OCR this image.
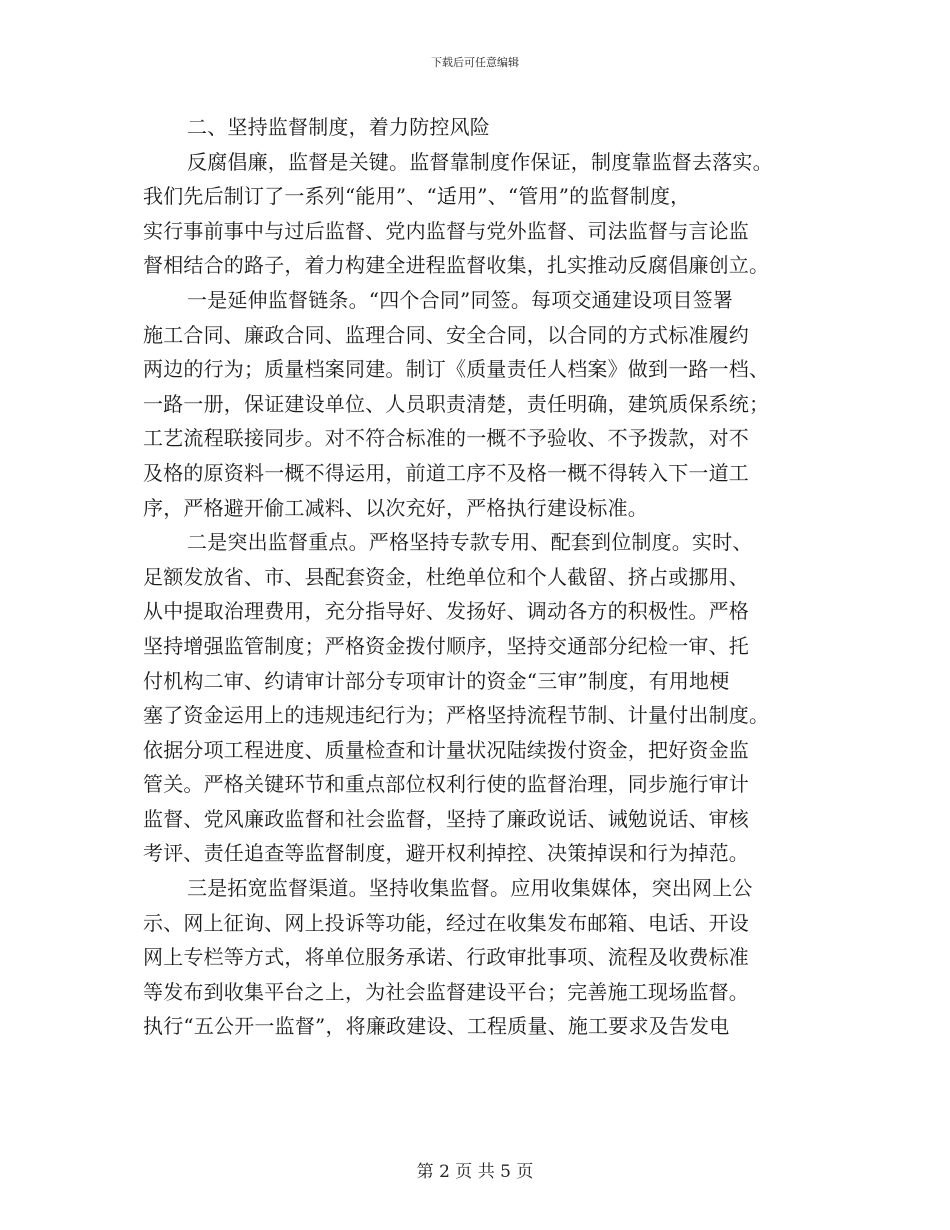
下载后可任意编辑
二、坚持监督制度，着力防控风险
反腐倡廉，监督是关键。监督靠制度作保证，制度靠监督去落实。
我们先后制订了一系列“能用”、“适用”、“管用”的监督制度，
实行事前事中与过后监督、党内监督与党外监督、司法监督与言论监
督相结合的路子，着力构建全进程监督收集，扎实推动反腐倡廉创立。
一是延伸监督链条。“四个合同”同签。每项交通建设项目签署
施工合同、廉政合同、监理合同、安全合同，以合同的方式标准履约
两边的行为；质量档案同建。制订《质量责任人档案》做到一路一档、
一路一册，保证建设单位、人员职责清楚，责任明确，建筑质保系统；
工艺流程联接同步。对不符合标准的一概不予验收、不予拨款，对不
及格的原资料一概不得运用，前道工序不及格一概不得转入下一道工
序，严格避开偷工减料、以次充好，严格执行建设标准。
二是突出监督重点。严格坚持专款专用、配套到位制度。实时、
足额发放省、市、县配套资金，杜绝单位和个人截留、挤占或挪用、
从中提取治理费用，充分指导好、发扬好、调动各方的积极性。严格
坚持增强监管制度；严格资金拨付顺序，坚持交通部分纪检一审、托
付机构二审、约请审计部分专项审计的资金“三审”制度，有用地梗
塞了资金运用上的违规违纪行为；严格坚持流程节制、计量付出制度。
依据分项工程进度、质量检查和计量状况陆续拨付资金，把好资金监
管关。严格关键环节和重点部位权利行使的监督治理，同步施行审计
监督、党风廉政监督和社会监督，坚持了廉政说话、诫勉说话、审核
考评、责任追查等监督制度，避开权利掉控、决策掉误和行为掉范。
三是拓宽监督渠道。坚持收集监督。应用收集媒体，突出网上公
示、网上征询、网上投诉等功能，经过在收集发布邮箱、电话、开设
网上专栏等方式，将单位服务承诺、行政审批事项、流程及收费标准
等发布到收集平台之上，为社会监督建设平台；完善施工现场监督。
执行“五公开一监督”，将廉政建设、工程质量、施工要求及告发电
第 2 页 共 5 页
